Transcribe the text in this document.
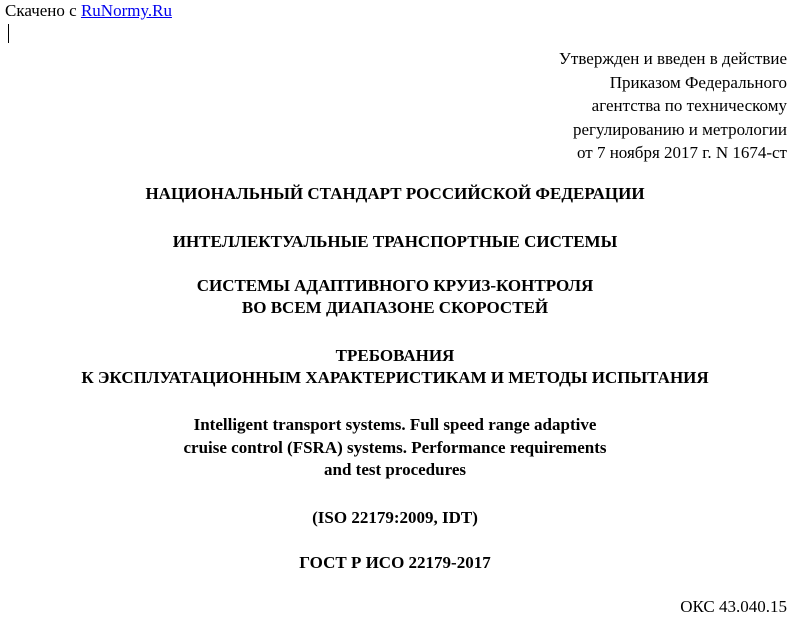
Скачено с RuNormy.Ru
Утвержден и введен в действие
Приказом Федерального
агентства по техническому
регулированию и метрологии
от 7 ноября 2017 г. N 1674-ст
НАЦИОНАЛЬНЫЙ СТАНДАРТ РОССИЙСКОЙ ФЕДЕРАЦИИ
ИНТЕЛЛЕКТУАЛЬНЫЕ ТРАНСПОРТНЫЕ СИСТЕМЫ
СИСТЕМЫ АДАПТИВНОГО КРУИЗ-КОНТРОЛЯ
ВО ВСЕМ ДИАПАЗОНЕ СКОРОСТЕЙ
ТРЕБОВАНИЯ
К ЭКСПЛУАТАЦИОННЫМ ХАРАКТЕРИСТИКАМ И МЕТОДЫ ИСПЫТАНИЯ
Intelligent transport systems. Full speed range adaptive
cruise control (FSRA) systems. Performance requirements
and test procedures
(ISO 22179:2009, IDT)
ГОСТ Р ИСО 22179-2017
ОКС 43.040.15
